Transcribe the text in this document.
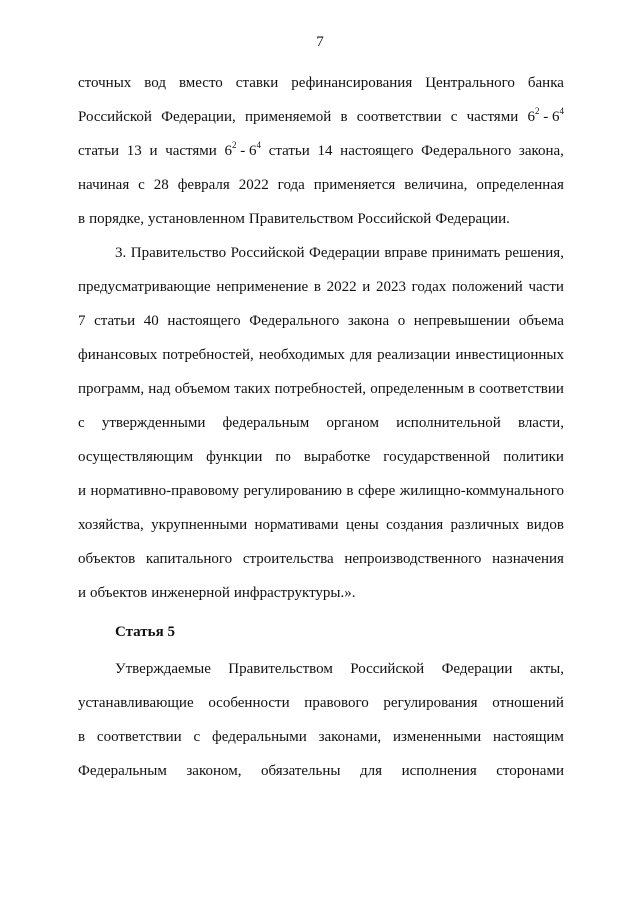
7
сточных вод вместо ставки рефинансирования Центрального банка
Российской Федерации, применяемой в соответствии с частями $6^2 - 6^4$
статьи 13 и частями $6^2 - 6^4$ статьи 14 настоящего Федерального закона,
начиная с 28 февраля 2022 года применяется величина, определенная
в порядке, установленном Правительством Российской Федерации.
3. Правительство Российской Федерации вправе принимать решения,
предусматривающие неприменение в 2022 и 2023 годах положений части
7 статьи 40 настоящего Федерального закона о непревышении объема
финансовых потребностей, необходимых для реализации инвестиционных
программ, над объемом таких потребностей, определенным в соответствии
с утвержденными федеральным органом исполнительной власти,
осуществляющим функции по выработке государственной политики
и нормативно-правовому регулированию в сфере жилищно-коммунального
хозяйства, укрупненными нормативами цены создания различных видов
объектов капитального строительства непроизводственного назначения
и объектов инженерной инфраструктуры.».
Статья 5
Утверждаемые Правительством Российской Федерации акты,
устанавливающие особенности правового регулирования отношений
в соответствии с федеральными законами, измененными настоящим
Федеральным законом, обязательны для исполнения сторонами
